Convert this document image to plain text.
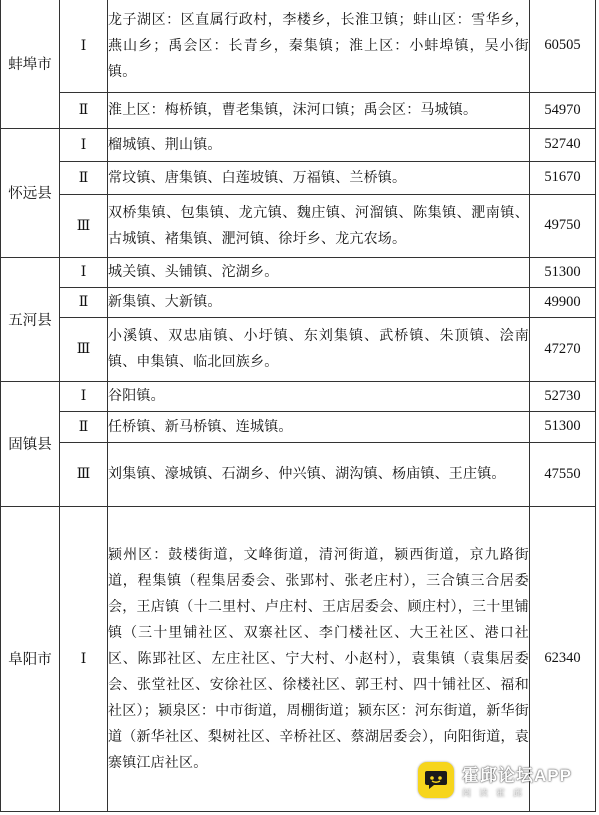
蚌埠市	Ⅰ	龙子湖区：区直属行政村，李楼乡，长淮卫镇；蚌山区：雪华乡，燕山乡；禹会区：长青乡，秦集镇；淮上区：小蚌埠镇，吴小街镇。	60505
	Ⅱ	淮上区：梅桥镇，曹老集镇，沫河口镇；禹会区：马城镇。	54970
怀远县	Ⅰ	榴城镇、荆山镇。	52740
	Ⅱ	常坟镇、唐集镇、白莲坡镇、万福镇、兰桥镇。	51670
	Ⅲ	双桥集镇、包集镇、龙亢镇、魏庄镇、河溜镇、陈集镇、淝南镇、古城镇、褚集镇、淝河镇、徐圩乡、龙亢农场。	49750
五河县	Ⅰ	城关镇、头铺镇、沱湖乡。	51300
	Ⅱ	新集镇、大新镇。	49900
	Ⅲ	小溪镇、双忠庙镇、小圩镇、东刘集镇、武桥镇、朱顶镇、浍南镇、申集镇、临北回族乡。	47270
固镇县	Ⅰ	谷阳镇。	52730
	Ⅱ	任桥镇、新马桥镇、连城镇。	51300
	Ⅲ	刘集镇、濠城镇、石湖乡、仲兴镇、湖沟镇、杨庙镇、王庄镇。	47550
阜阳市	Ⅰ	颍州区：鼓楼街道，文峰街道，清河街道，颍西街道，京九路街道，程集镇（程集居委会、张郢村、张老庄村），三合镇三合居委会，王店镇（十二里村、卢庄村、王店居委会、顾庄村），三十里铺镇（三十里铺社区、双寨社区、李门楼社区、大王社区、港口社区、陈郢社区、左庄社区、宁大村、小赵村），袁集镇（袁集居委会、张堂社区、安徐社区、徐楼社区、郭王村、四十铺社区、福和社区）；颍泉区：中市街道，周棚街道；颍东区：河东街道，新华街道（新华社区、梨树社区、辛桥社区、蔡湖居委会），向阳街道，袁寨镇江店社区。	62340
霍邱论坛APP
阅读霍邱
